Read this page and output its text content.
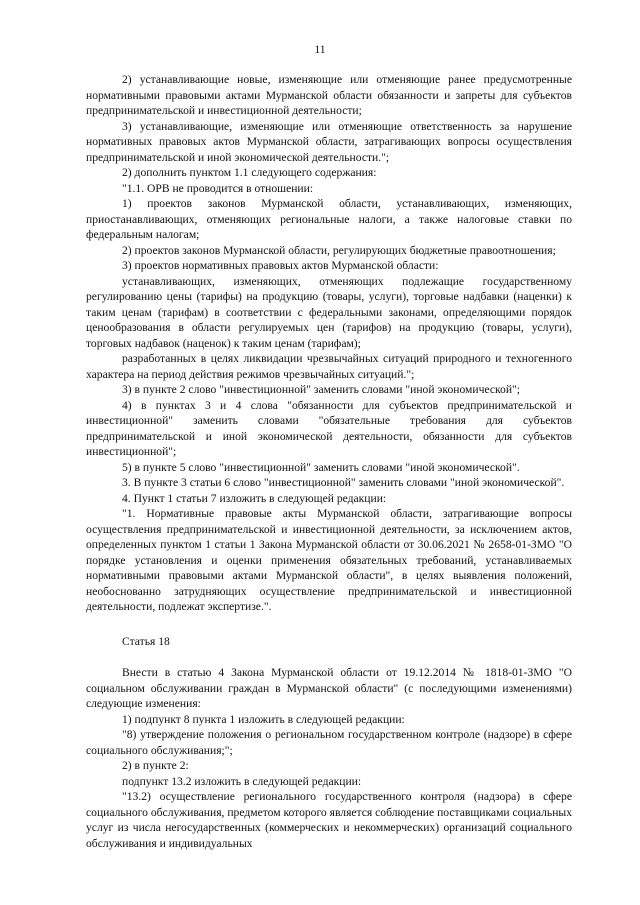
11

2) устанавливающие новые, изменяющие или отменяющие ранее предусмотренные нормативными правовыми актами Мурманской области обязанности и запреты для субъектов предпринимательской и инвестиционной деятельности;

3) устанавливающие, изменяющие или отменяющие ответственность за нарушение нормативных правовых актов Мурманской области, затрагивающих вопросы осуществления предпринимательской и иной экономической деятельности.";

2) дополнить пунктом 1.1 следующего содержания:

"1.1. ОРВ не проводится в отношении:

1) проектов законов Мурманской области, устанавливающих, изменяющих, приостанавливающих, отменяющих региональные налоги, а также налоговые ставки по федеральным налогам;

2) проектов законов Мурманской области, регулирующих бюджетные правоотношения;

3) проектов нормативных правовых актов Мурманской области:

устанавливающих, изменяющих, отменяющих подлежащие государственному регулированию цены (тарифы) на продукцию (товары, услуги), торговые надбавки (наценки) к таким ценам (тарифам) в соответствии с федеральными законами, определяющими порядок ценообразования в области регулируемых цен (тарифов) на продукцию (товары, услуги), торговых надбавок (наценок) к таким ценам (тарифам);

разработанных в целях ликвидации чрезвычайных ситуаций природного и техногенного характера на период действия режимов чрезвычайных ситуаций.";

3) в пункте 2 слово "инвестиционной" заменить словами "иной экономической";

4) в пунктах 3 и 4 слова "обязанности для субъектов предпринимательской и инвестиционной" заменить словами "обязательные требования для субъектов предпринимательской и иной экономической деятельности, обязанности для субъектов инвестиционной";

5) в пункте 5 слово "инвестиционной" заменить словами "иной экономической".

3. В пункте 3 статьи 6 слово "инвестиционной" заменить словами "иной экономической".

4. Пункт 1 статьи 7 изложить в следующей редакции:

"1. Нормативные правовые акты Мурманской области, затрагивающие вопросы осуществления предпринимательской и инвестиционной деятельности, за исключением актов, определенных пунктом 1 статьи 1 Закона Мурманской области от 30.06.2021 № 2658-01-ЗМО "О порядке установления и оценки применения обязательных требований, устанавливаемых нормативными правовыми актами Мурманской области", в целях выявления положений, необоснованно затрудняющих осуществление предпринимательской и инвестиционной деятельности, подлежат экспертизе.".

Статья 18

Внести в статью 4 Закона Мурманской области от 19.12.2014 № 1818-01-ЗМО "О социальном обслуживании граждан в Мурманской области" (с последующими изменениями) следующие изменения:

1) подпункт 8 пункта 1 изложить в следующей редакции:

"8) утверждение положения о региональном государственном контроле (надзоре) в сфере социального обслуживания;";

2) в пункте 2:

подпункт 13.2 изложить в следующей редакции:

"13.2) осуществление регионального государственного контроля (надзора) в сфере социального обслуживания, предметом которого является соблюдение поставщиками социальных услуг из числа негосударственных (коммерческих и некоммерческих) организаций социального обслуживания и индивидуальных
